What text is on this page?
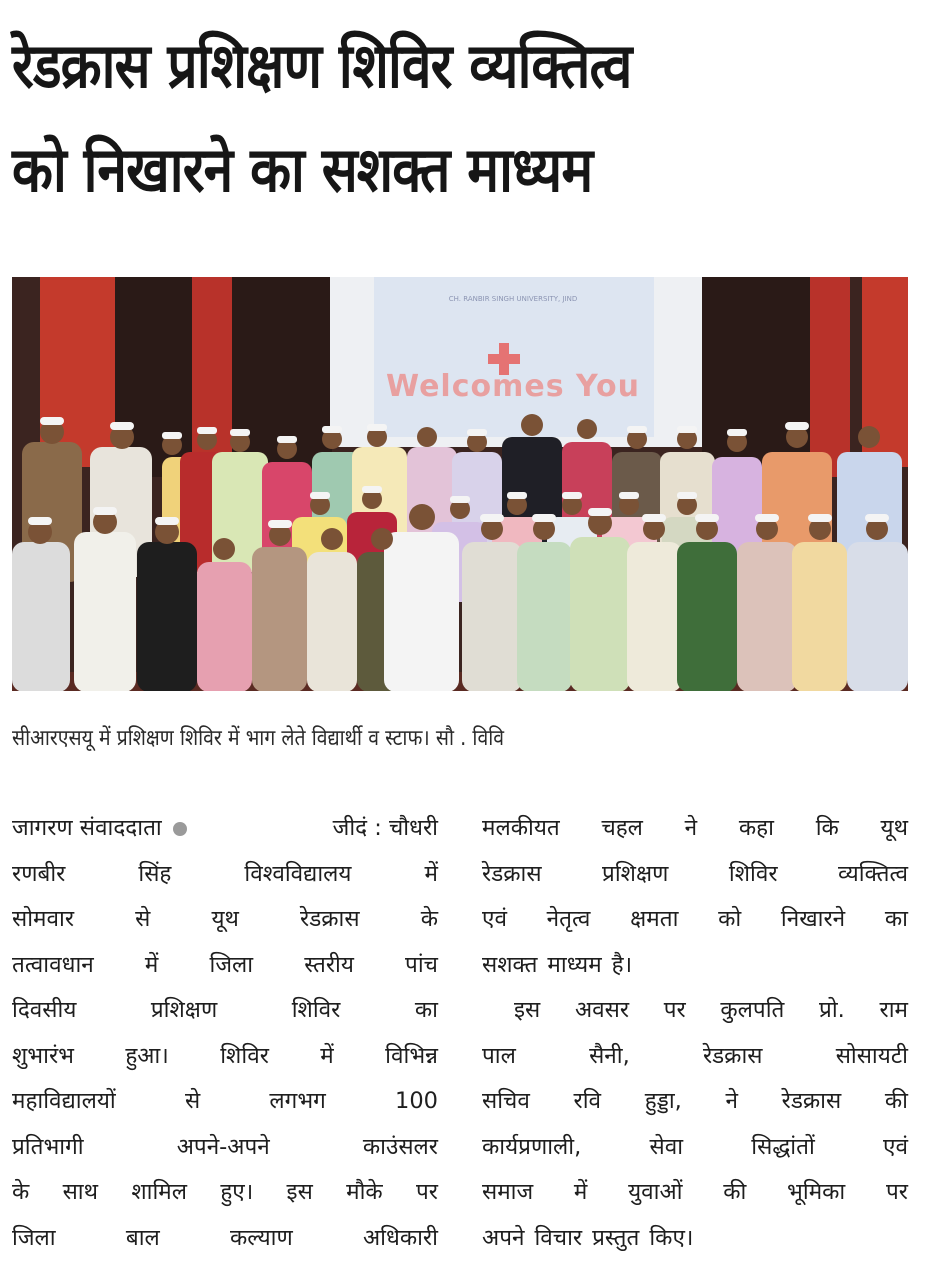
रेडक्रास प्रशिक्षण शिविर व्यक्तित्व
को निखारने का सशक्त माध्यम
CH. RANBIR SINGH UNIVERSITY, JIND
Welcomes You

सीआरएसयू में प्रशिक्षण शिविर में भाग लेते विद्यार्थी व स्टाफ। सौ . विवि

जागरण संवाददाता	जीदं : चौधरी
रणबीर	सिंह	विश्वविद्यालय	में
सोमवार	से	यूथ	रेडक्रास	के
तत्वावधान में जिला स्तरीय पांच
दिवसीय	प्रशिक्षण	शिविर	का
शुभारंभ हुआ। शिविर में विभिन्न
महाविद्यालयों	से	लगभग	100
प्रतिभागी	अपने-अपने	काउंसलर
के साथ शामिल हुए। इस मौके पर
जिला	बाल	कल्याण	अधिकारी
मलकीयत चहल ने कहा कि यूथ
रेडक्रास	प्रशिक्षण	शिविर	व्यक्तित्व
एवं नेतृत्व क्षमता को निखारने का
सशक्त माध्यम है।
इस अवसर पर कुलपति प्रो. राम
पाल	सैनी,	रेडक्रास	सोसायटी
सचिव रवि हुड्डा, ने रेडक्रास की
कार्यप्रणाली,	सेवा	सिद्धांतों	एवं
समाज में युवाओं की भूमिका पर
अपने विचार प्रस्तुत किए।
